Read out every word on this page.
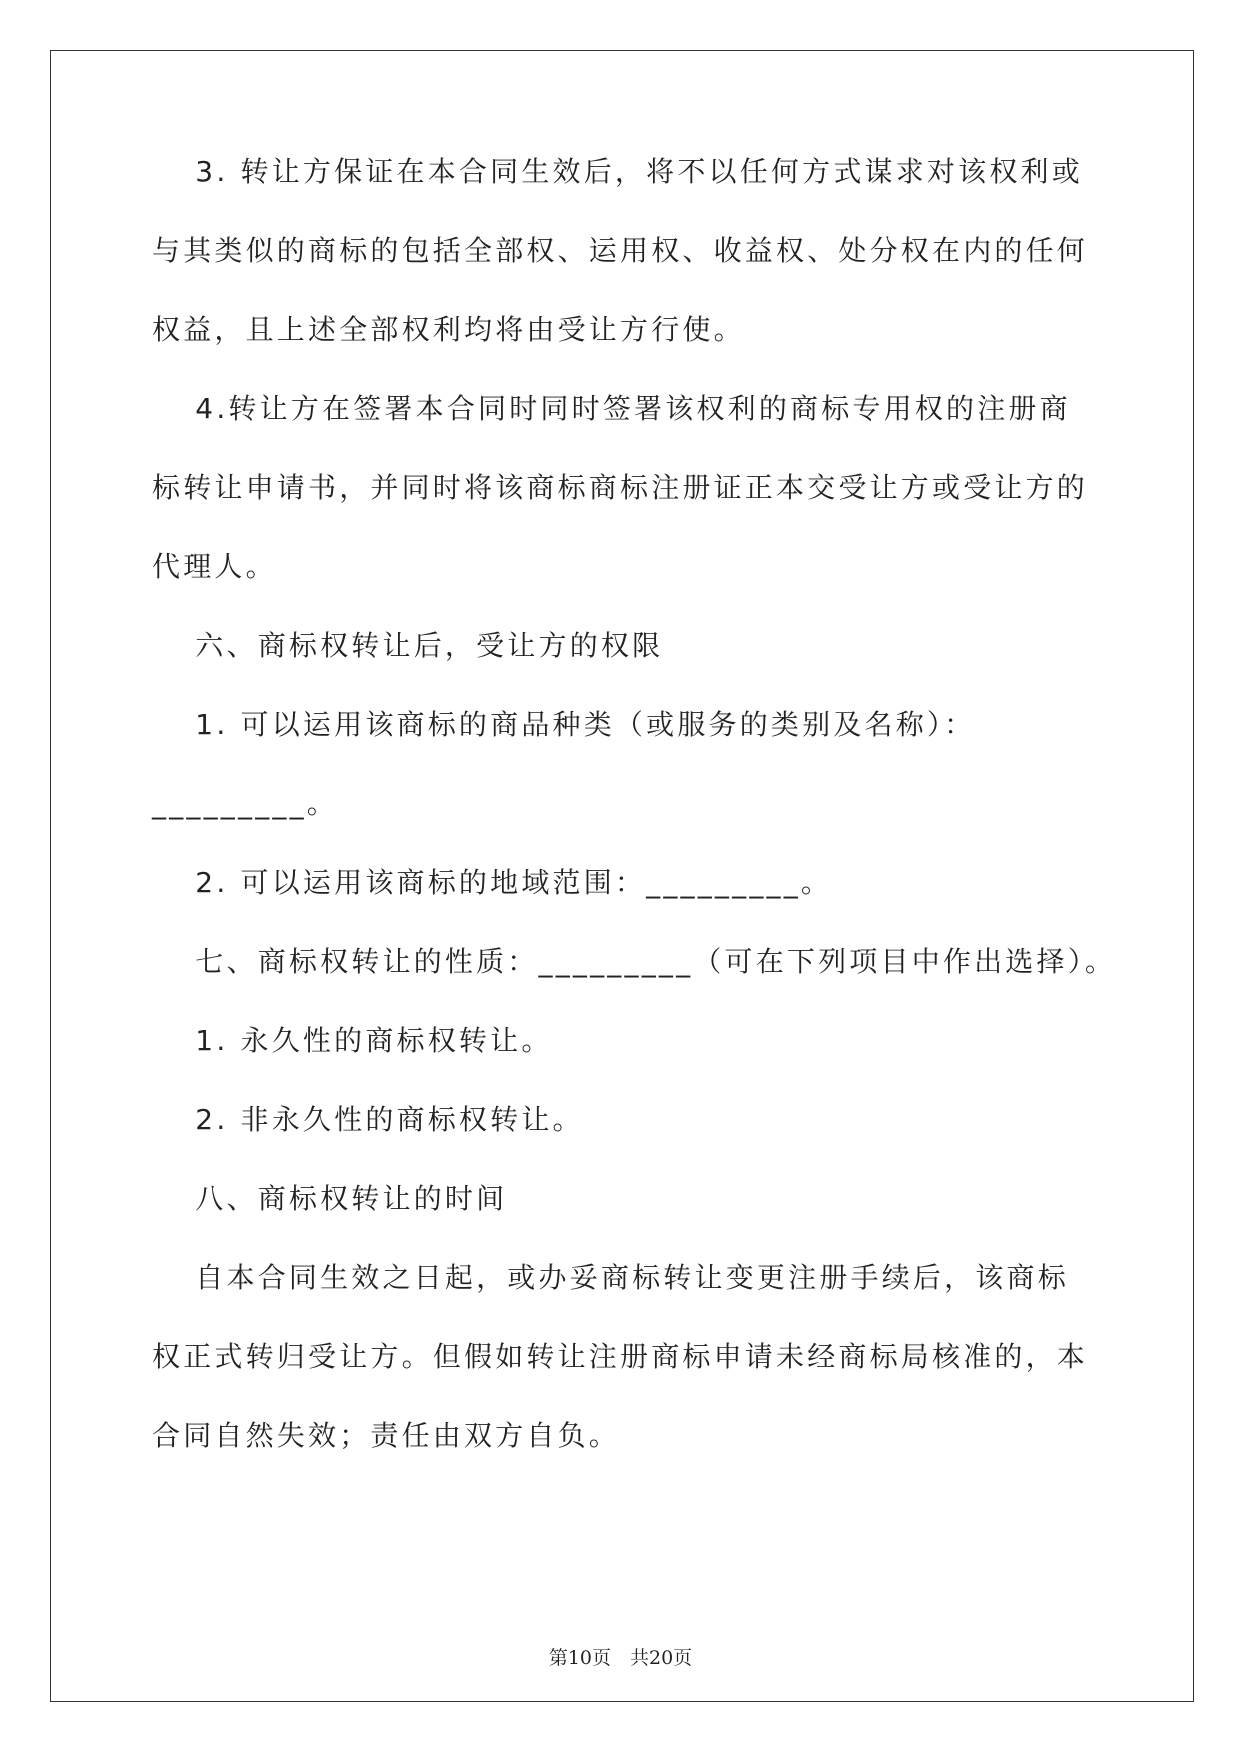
　 3. 转让方保证在本合同生效后，将不以任何方式谋求对该权利或
与其类似的商标的包括全部权、运用权、收益权、处分权在内的任何
权益，且上述全部权利均将由受让方行使。
　 4.转让方在签署本合同时同时签署该权利的商标专用权的注册商
标转让申请书，并同时将该商标商标注册证正本交受让方或受让方的
代理人。
　 六、商标权转让后，受让方的权限
　 1. 可以运用该商标的商品种类（或服务的类别及名称）：
_________。
　 2. 可以运用该商标的地域范围：_________。
　 七、商标权转让的性质：_________（可在下列项目中作出选择）。
　 1. 永久性的商标权转让。
　 2. 非永久性的商标权转让。
　 八、商标权转让的时间
　 自本合同生效之日起，或办妥商标转让变更注册手续后，该商标
权正式转归受让方。但假如转让注册商标申请未经商标局核准的，本
合同自然失效；责任由双方自负。
第10页　共20页
